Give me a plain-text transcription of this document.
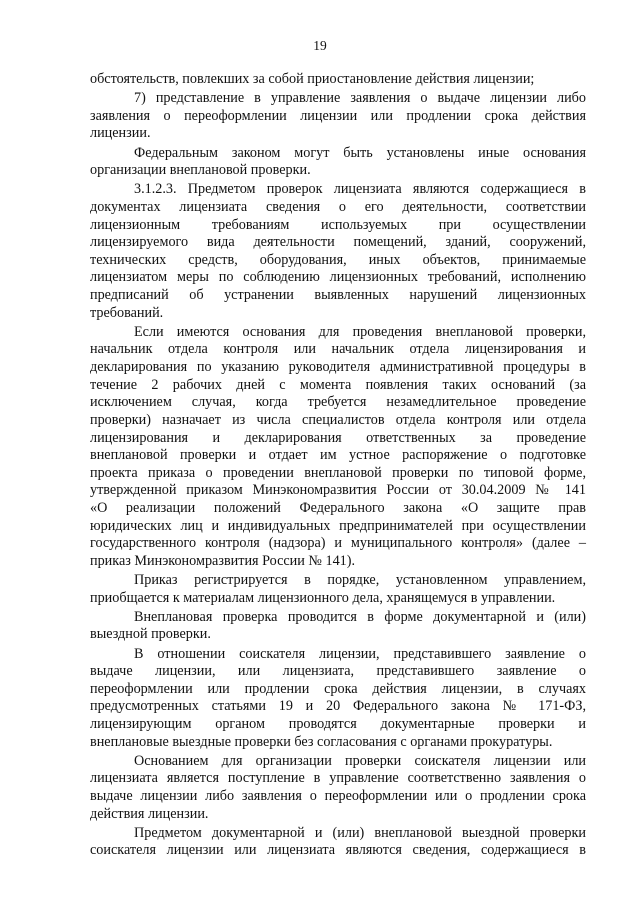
19
обстоятельств, повлекших за собой приостановление действия лицензии;
7) представление в управление заявления о выдаче лицензии либо
заявления о переоформлении лицензии или продлении срока действия
лицензии.
Федеральным законом могут быть установлены иные основания
организации внеплановой проверки.
3.1.2.3. Предметом проверок лицензиата являются содержащиеся в
документах лицензиата сведения о его деятельности, соответствии
лицензионным требованиям используемых при осуществлении
лицензируемого вида деятельности помещений, зданий, сооружений,
технических средств, оборудования, иных объектов, принимаемые
лицензиатом меры по соблюдению лицензионных требований, исполнению
предписаний об устранении выявленных нарушений лицензионных
требований.
Если имеются основания для проведения внеплановой проверки,
начальник отдела контроля или начальник отдела лицензирования и
декларирования по указанию руководителя административной процедуры в
течение 2 рабочих дней с момента появления таких оснований (за
исключением случая, когда требуется незамедлительное проведение
проверки) назначает из числа специалистов отдела контроля или отдела
лицензирования и декларирования ответственных за проведение
внеплановой проверки и отдает им устное распоряжение о подготовке
проекта приказа о проведении внеплановой проверки по типовой форме,
утвержденной приказом Минэкономразвития России от 30.04.2009 № 141
«О реализации положений Федерального закона «О защите прав
юридических лиц и индивидуальных предпринимателей при осуществлении
государственного контроля (надзора) и муниципального контроля» (далее –
приказ Минэкономразвития России № 141).
Приказ регистрируется в порядке, установленном управлением,
приобщается к материалам лицензионного дела, хранящемуся в управлении.
Внеплановая проверка проводится в форме документарной и (или)
выездной проверки.
В отношении соискателя лицензии, представившего заявление о
выдаче лицензии, или лицензиата, представившего заявление о
переоформлении или продлении срока действия лицензии, в случаях
предусмотренных статьями 19 и 20 Федерального закона № 171-ФЗ,
лицензирующим органом проводятся документарные проверки и
внеплановые выездные проверки без согласования с органами прокуратуры.
Основанием для организации проверки соискателя лицензии или
лицензиата является поступление в управление соответственно заявления о
выдаче лицензии либо заявления о переоформлении или о продлении срока
действия лицензии.
Предметом документарной и (или) внеплановой выездной проверки
соискателя лицензии или лицензиата являются сведения, содержащиеся в
